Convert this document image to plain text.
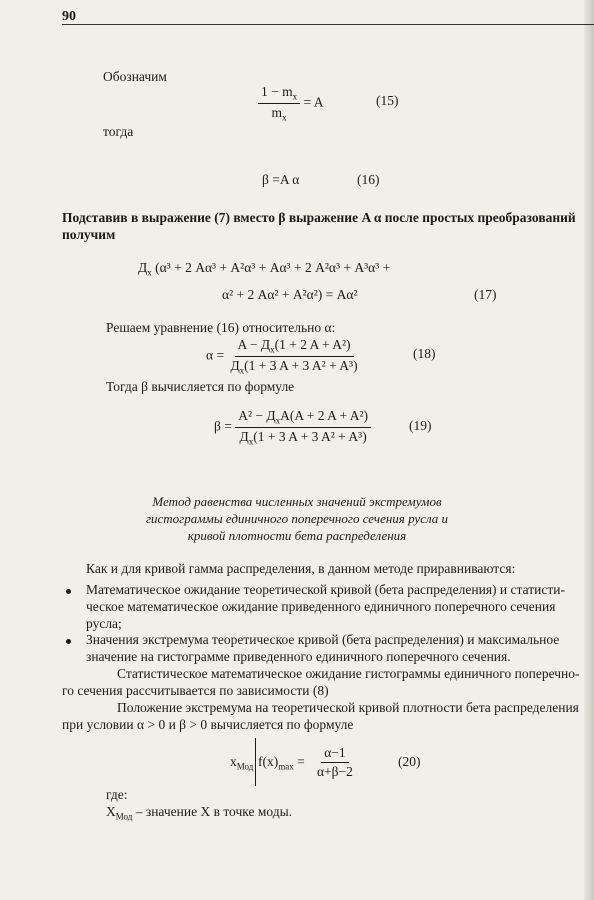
90
Обозначим
$\frac{1 - m_x}{m_x} = A$	(15)
тогда
β =A α	(16)
Подставив в выражение (7) вместо β выражение A α после простых преобразований
получим
$Д_x$ (α³ + 2 Aα³ + A²α³ + Aα³ + 2 A²α³ + A³α³ +
α² + 2 Aα² + A²α²) = Aα²	(17)
Решаем уравнение (16) относительно α:
$\alpha = \frac{A - Д_x(1 + 2 A + A^2)}{Д_x(1 + 3 A + 3 A^2 + A^3)}$	(18)
Тогда β вычисляется по формуле
$\beta = \frac{A^2 - Д_xA(A + 2 A + A^2)}{Д_x(1 + 3 A + 3 A^2 + A^3)}$	(19)
Метод равенства численных значений экстремумов
гистограммы единичного поперечного сечения русла и
кривой плотности бета распределения
Как и для кривой гамма распределения, в данном методе приравниваются:
Математическое ожидание теоретической кривой (бета распределения) и статисти-
ческое математическое ожидание приведенного единичного поперечного сечения
русла;
Значения экстремума теоретическое кривой (бета распределения) и максимальное
значение на гистограмме приведенного единичного поперечного сечения.
Статистическое математическое ожидание гистограммы единичного поперечно-
го сечения рассчитывается по зависимости (8)
Положение экстремума на теоретической кривой плотности бета распределения
при условии α > 0 и β > 0 вычисляется по формуле
$x_{Мод}$ $f(x)_{max} = \frac{\alpha-1}{\alpha+\beta-2}$	(20)
где:
$X_{Мод}$ – значение X в точке моды.
